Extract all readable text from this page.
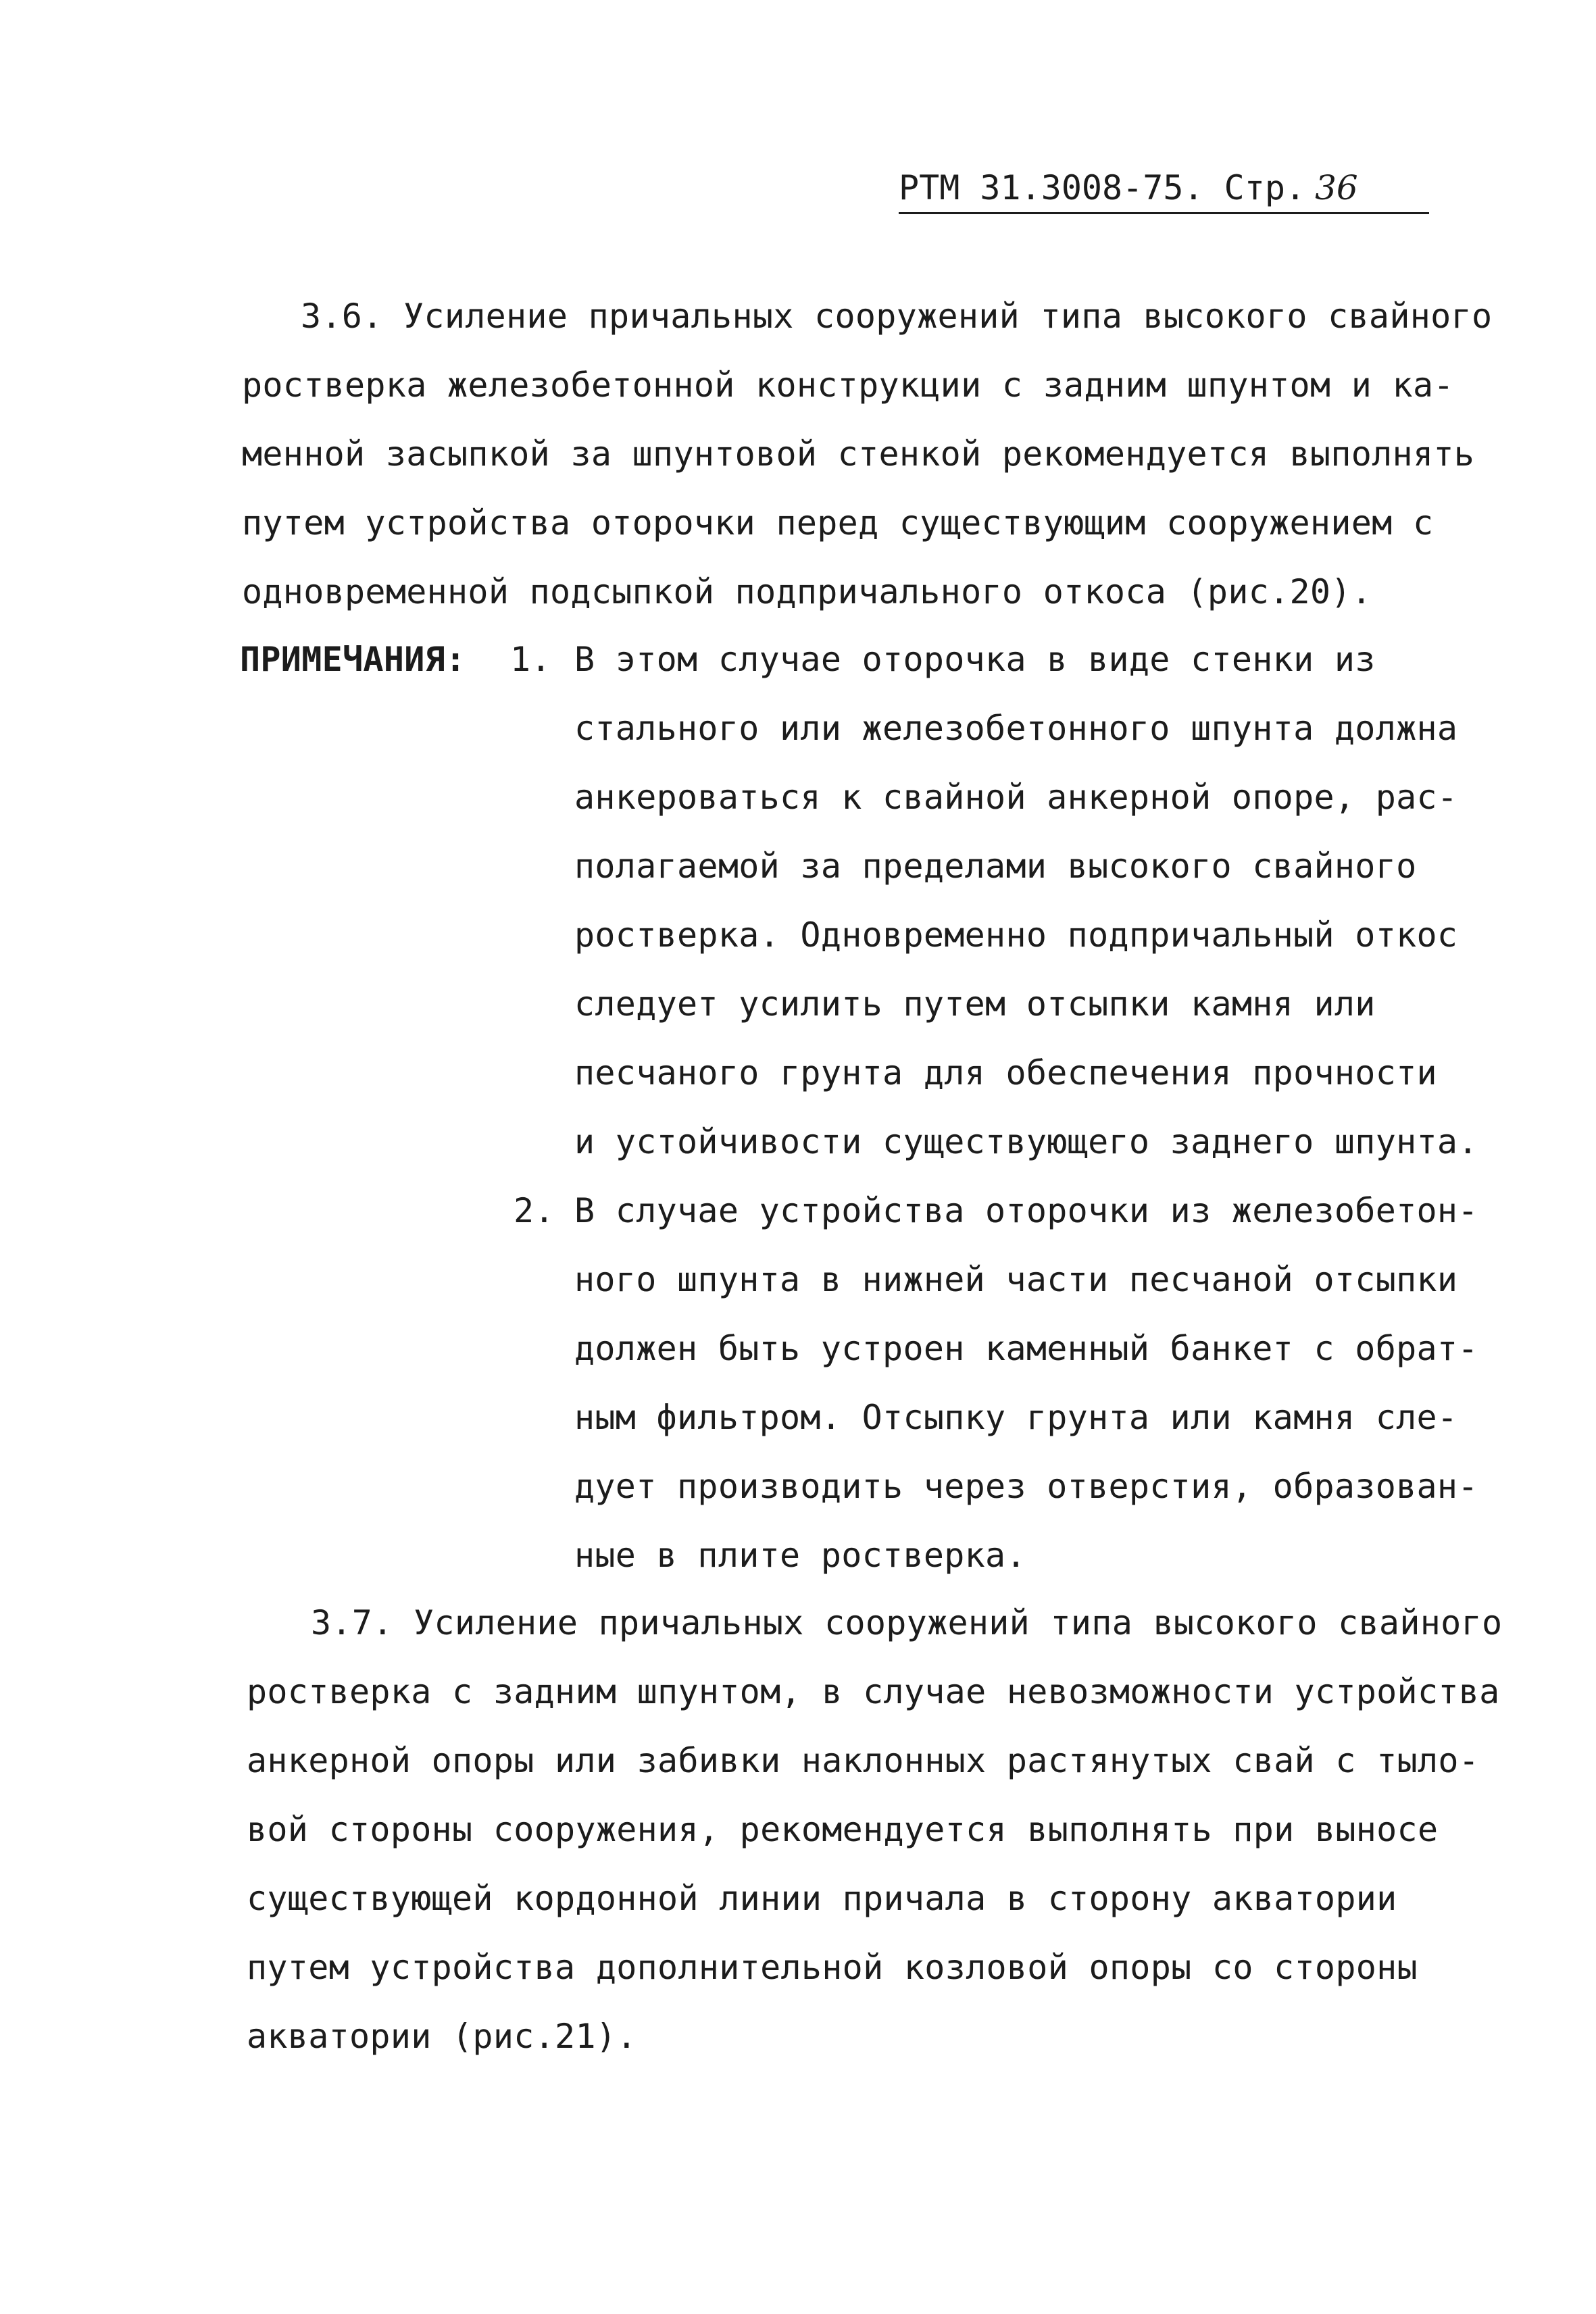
РТМ 31.3008-75. Стр. 36
3.6. Усиление причальных сооружений типа высокого свайного
ростверка железобетонной конструкции с задним шпунтом и ка-
менной засыпкой за шпунтовой стенкой рекомендуется выполнять
путем устройства оторочки перед существующим сооружением с
одновременной подсыпкой подпричального откоса (рис.20).
ПРИМЕЧАНИЯ: 1. В этом случае оторочка в виде стенки из
стального или железобетонного шпунта должна
анкероваться к свайной анкерной опоре, рас-
полагаемой за пределами высокого свайного
ростверка. Одновременно подпричальный откос
следует усилить путем отсыпки камня или
песчаного грунта для обеспечения прочности
и устойчивости существующего заднего шпунта.
2. В случае устройства оторочки из железобетон-
ного шпунта в нижней части песчаной отсыпки
должен быть устроен каменный банкет с обрат-
ным фильтром. Отсыпку грунта или камня сле-
дует производить через отверстия, образован-
ные в плите ростверка.
3.7. Усиление причальных сооружений типа высокого свайного
ростверка с задним шпунтом, в случае невозможности устройства
анкерной опоры или забивки наклонных растянутых свай с тыло-
вой стороны сооружения, рекомендуется выполнять при выносе
существующей кордонной линии причала в сторону акватории
путем устройства дополнительной козловой опоры со стороны
акватории (рис.21).
